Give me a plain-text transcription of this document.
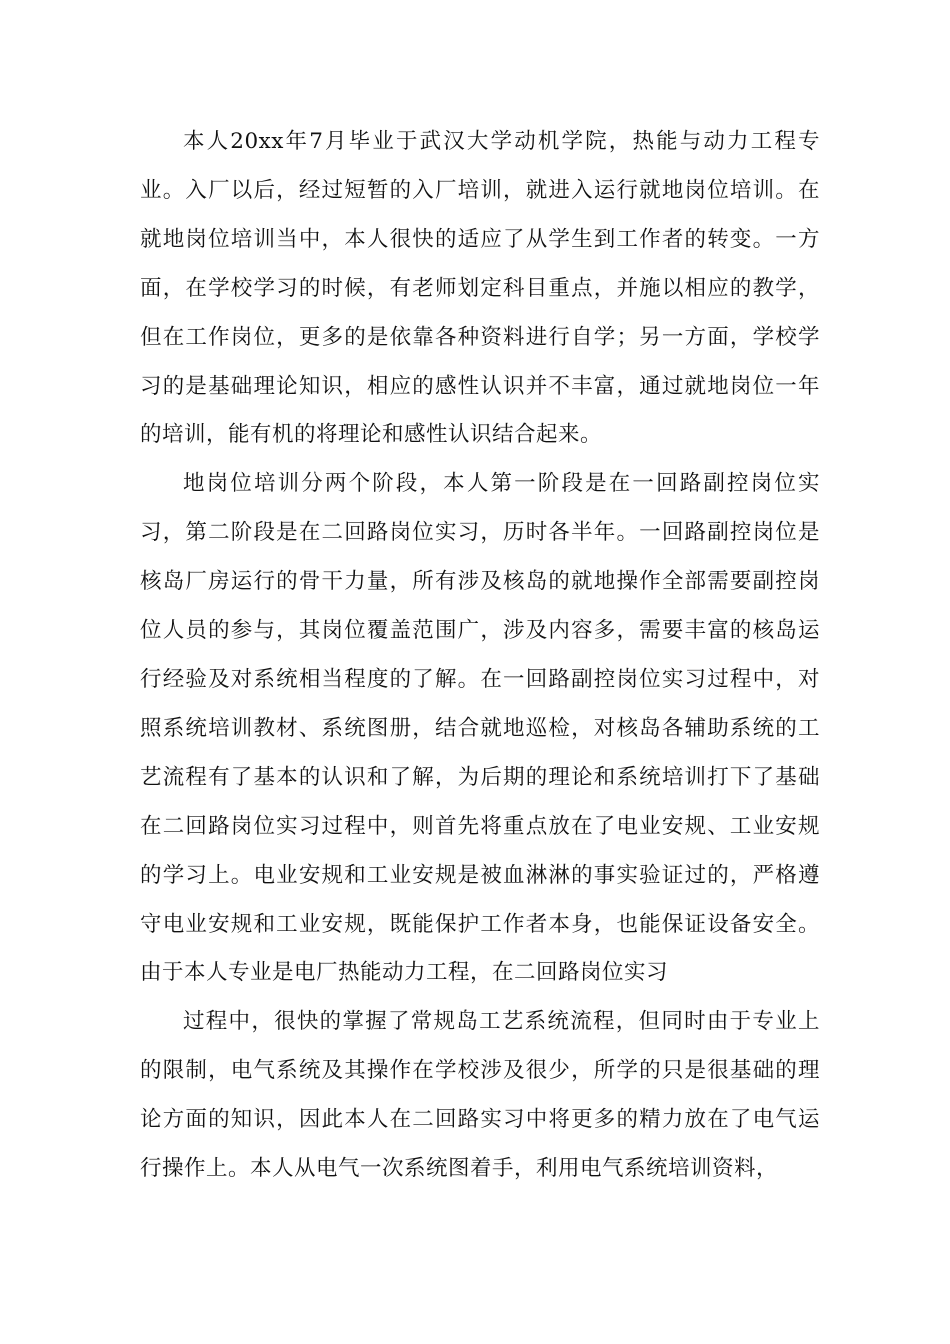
本人20xx年7月毕业于武汉大学动机学院，热能与动力工程专业。入厂以后，经过短暂的入厂培训，就进入运行就地岗位培训。在就地岗位培训当中，本人很快的适应了从学生到工作者的转变。一方面，在学校学习的时候，有老师划定科目重点，并施以相应的教学，但在工作岗位，更多的是依靠各种资料进行自学；另一方面，学校学习的是基础理论知识，相应的感性认识并不丰富，通过就地岗位一年的培训，能有机的将理论和感性认识结合起来。

地岗位培训分两个阶段，本人第一阶段是在一回路副控岗位实习，第二阶段是在二回路岗位实习，历时各半年。一回路副控岗位是核岛厂房运行的骨干力量，所有涉及核岛的就地操作全部需要副控岗位人员的参与，其岗位覆盖范围广，涉及内容多，需要丰富的核岛运行经验及对系统相当程度的了解。在一回路副控岗位实习过程中，对照系统培训教材、系统图册，结合就地巡检，对核岛各辅助系统的工艺流程有了基本的认识和了解，为后期的理论和系统培训打下了基础在二回路岗位实习过程中，则首先将重点放在了电业安规、工业安规的学习上。电业安规和工业安规是被血淋淋的事实验证过的，严格遵守电业安规和工业安规，既能保护工作者本身，也能保证设备安全。由于本人专业是电厂热能动力工程，在二回路岗位实习

过程中，很快的掌握了常规岛工艺系统流程，但同时由于专业上的限制，电气系统及其操作在学校涉及很少，所学的只是很基础的理论方面的知识，因此本人在二回路实习中将更多的精力放在了电气运行操作上。本人从电气一次系统图着手，利用电气系统培训资料，
